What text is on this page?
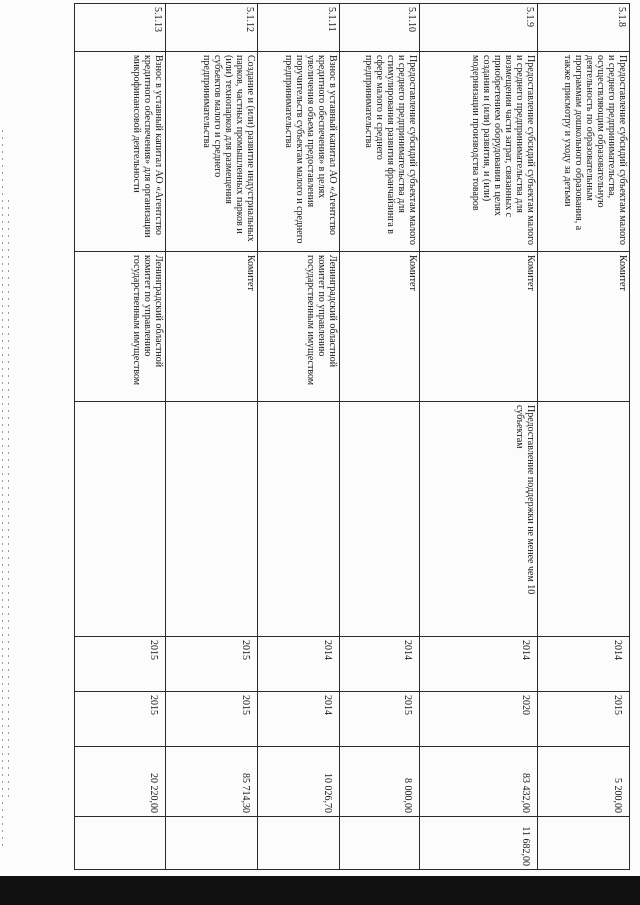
5.1.8	Предоставление субсидий субъектам малого и среднего предпринимательства, осуществляющим образовательную деятельность по образовательным программам дошкольного образования, а также присмотру и уходу за детьми	Комитет		2014	2015	5 200,00	
5.1.9	Предоставление субсидий субъектам малого и среднего предпринимательства для возмещения части затрат, связанных с приобретением оборудования в целях создания и (или) развития, и (или) модернизации производства товаров	Комитет	Предоставление поддержки не менее чем 10 субъектам	2014	2020	83 432,00	11 682,00
5.1.10	Предоставление субсидий субъектам малого и среднего предпринимательства для стимулирования развития франчайзинга в сфере малого и среднего предпринимательства	Комитет		2014	2015	8 000,00	
5.1.11	Взнос в уставный капитал АО «Агентство кредитного обеспечения» в целях увеличения объема предоставления поручительств субъектам малого и среднего предпринимательства	Ленинградский областной комитет по управлению государственным имуществом		2014	2014	10 026,70	
5.1.12	Создание и (или) развитие индустриальных парков, частных промышленных парков и (или) технопарков для размещения субъектов малого и среднего предпринимательства	Комитет		2015	2015	85 714,30	
5.1.13	Взнос в уставный капитал АО «Агентство кредитного обеспечения» для организации микрофинансовой деятельности	Ленинградский областной комитет по управлению государственным имуществом		2015	2015	20 220,00	
